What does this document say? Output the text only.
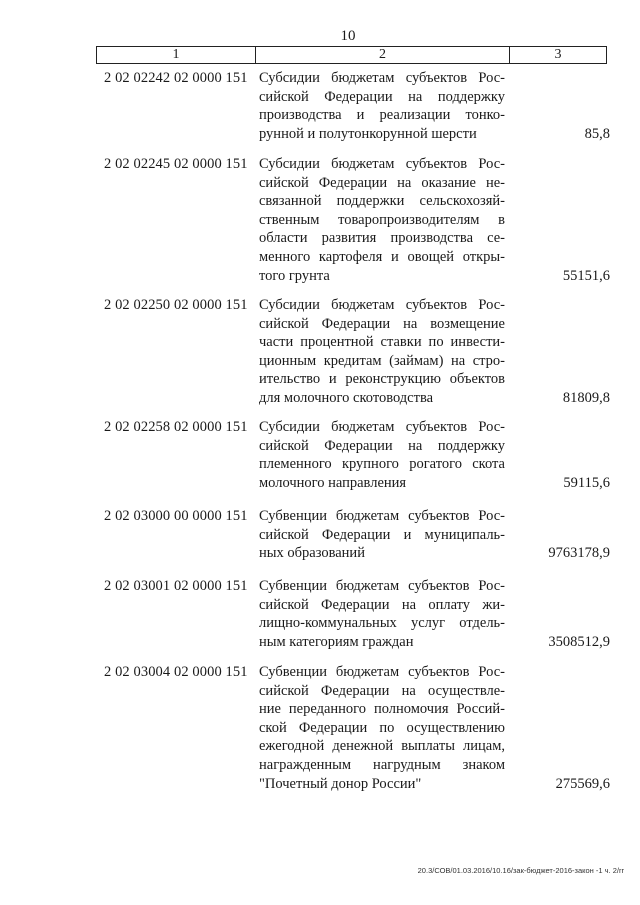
10
1	2	3
2 02 02242 02 0000 151 Субсидии бюджетам субъектов Рос-
сийской Федерации на поддержку
производства и реализации тонко-
рунной и полутонкорунной шерсти	85,8
2 02 02245 02 0000 151 Субсидии бюджетам субъектов Рос-
сийской Федерации на оказание не-
связанной поддержки сельскохозяй-
ственным товаропроизводителям в
области развития производства се-
менного картофеля и овощей откры-
того грунта	55151,6
2 02 02250 02 0000 151 Субсидии бюджетам субъектов Рос-
сийской Федерации на возмещение
части процентной ставки по инвести-
ционным кредитам (займам) на стро-
ительство и реконструкцию объектов
для молочного скотоводства	81809,8
2 02 02258 02 0000 151 Субсидии бюджетам субъектов Рос-
сийской Федерации на поддержку
племенного крупного рогатого скота
молочного направления	59115,6
2 02 03000 00 0000 151 Субвенции бюджетам субъектов Рос-
сийской Федерации и муниципаль-
ных образований	9763178,9
2 02 03001 02 0000 151 Субвенции бюджетам субъектов Рос-
сийской Федерации на оплату жи-
лищно-коммунальных услуг отдель-
ным категориям граждан	3508512,9
2 02 03004 02 0000 151 Субвенции бюджетам субъектов Рос-
сийской Федерации на осуществле-
ние переданного полномочия Россий-
ской Федерации по осуществлению
ежегодной денежной выплаты лицам,
награжденным нагрудным знаком
"Почетный донор России"	275569,6
20.3/СОВ/01.03.2016/10.16/зак-бюджет-2016-закон -1 ч. 2/rr
